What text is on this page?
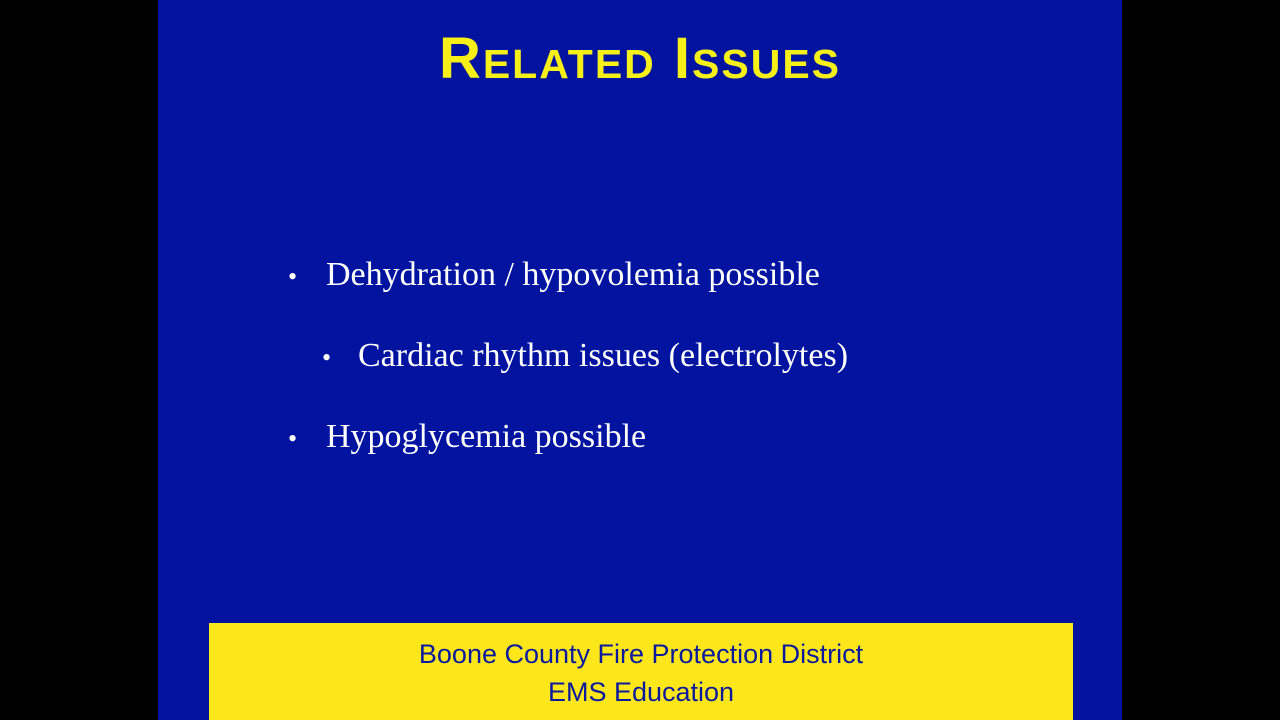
Related Issues
• Dehydration / hypovolemia possible
• Cardiac rhythm issues (electrolytes)
• Hypoglycemia possible
Boone County Fire Protection District
EMS Education
